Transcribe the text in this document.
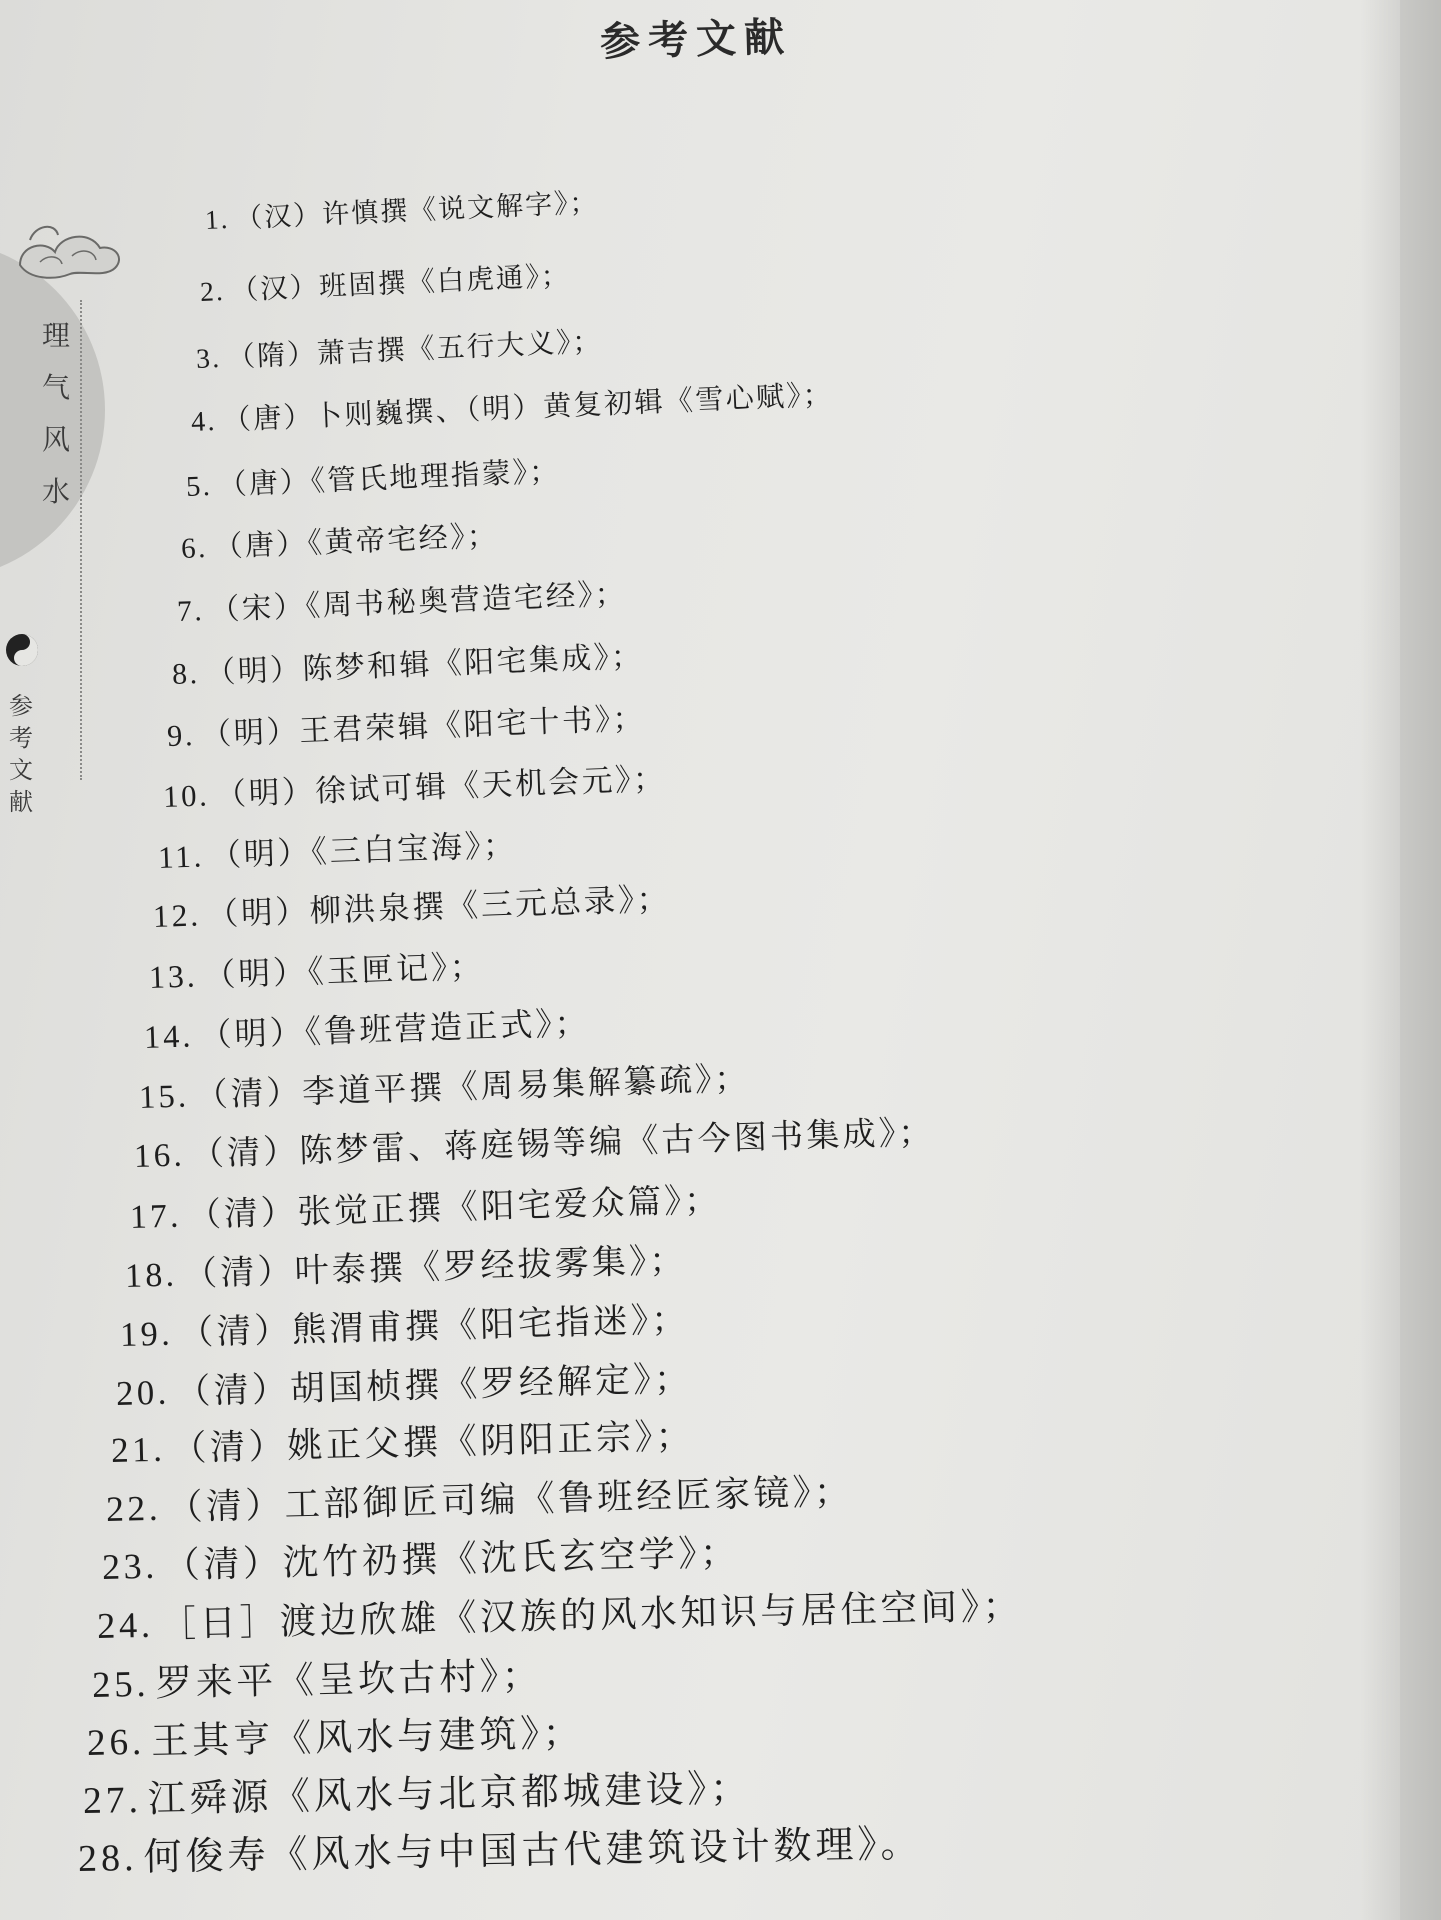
参考文献
理
气
风
水
参
考
文
献
1. （汉）许慎撰《说文解字》；
2. （汉）班固撰《白虎通》；
3. （隋）萧吉撰《五行大义》；
4. （唐）卜则巍撰、（明）黄复初辑《雪心赋》；
5. （唐）《管氏地理指蒙》；
6. （唐）《黄帝宅经》；
7. （宋）《周书秘奥营造宅经》；
8. （明）陈梦和辑《阳宅集成》；
9. （明）王君荣辑《阳宅十书》；
10. （明）徐试可辑《天机会元》；
11. （明）《三白宝海》；
12. （明）柳洪泉撰《三元总录》；
13. （明）《玉匣记》；
14. （明）《鲁班营造正式》；
15. （清）李道平撰《周易集解纂疏》；
16. （清）陈梦雷、蒋庭锡等编《古今图书集成》；
17. （清）张觉正撰《阳宅爱众篇》；
18. （清）叶泰撰《罗经拔雾集》；
19. （清）熊渭甫撰《阳宅指迷》；
20. （清）胡国桢撰《罗经解定》；
21. （清）姚正父撰《阴阳正宗》；
22. （清）工部御匠司编《鲁班经匠家镜》；
23. （清）沈竹礽撰《沈氏玄空学》；
24. ［日］渡边欣雄《汉族的风水知识与居住空间》；
25. 罗来平《呈坎古村》；
26. 王其亨《风水与建筑》；
27. 江舜源《风水与北京都城建设》；
28. 何俊寿《风水与中国古代建筑设计数理》。
